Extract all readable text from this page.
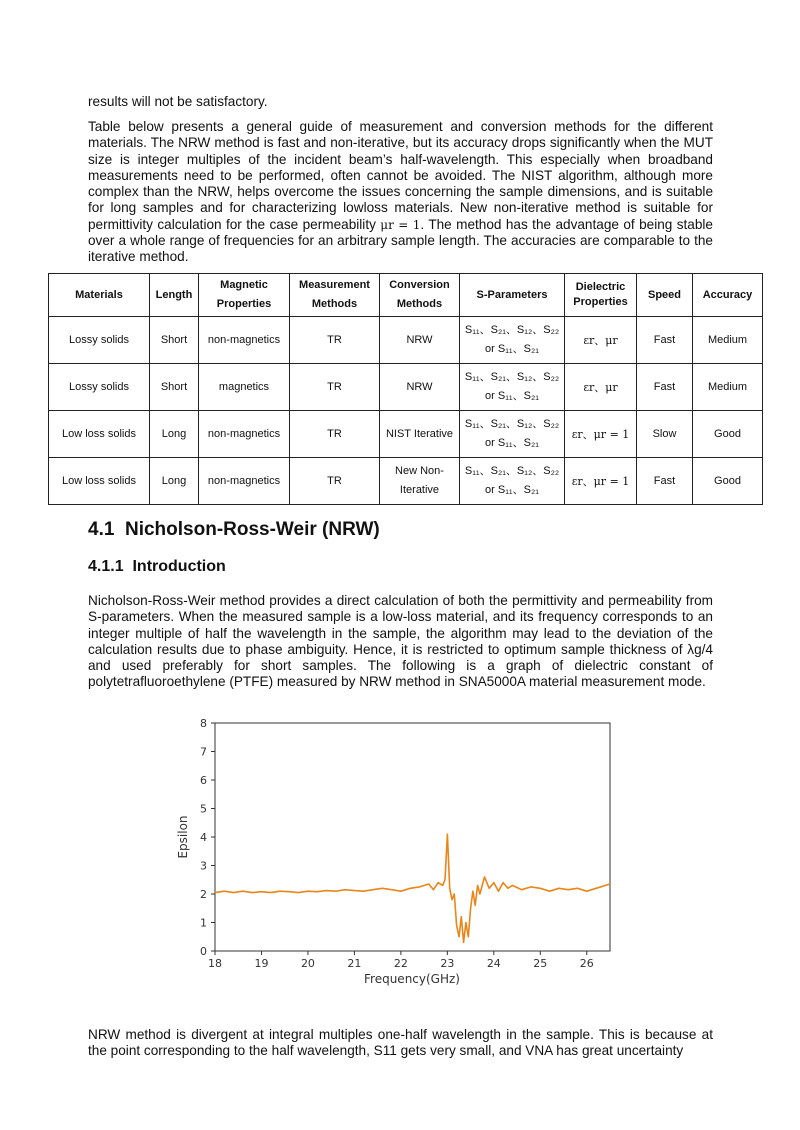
results will not be satisfactory.

Table below presents a general guide of measurement and conversion methods for the different materials. The NRW method is fast and non-iterative, but its accuracy drops significantly when the MUT size is integer multiples of the incident beam’s half-wavelength. This especially when broadband measurements need to be performed, often cannot be avoided. The NIST algorithm, although more complex than the NRW, helps overcome the issues concerning the sample dimensions, and is suitable for long samples and for characterizing lowloss materials. New non-iterative method is suitable for permittivity calculation for the case permeability μr = 1. The method has the advantage of being stable over a whole range of frequencies for an arbitrary sample length. The accuracies are comparable to the iterative method.

Materials	Length	Magnetic Properties	Measurement Methods	Conversion Methods	S-Parameters	Dielectric Properties	Speed	Accuracy
Lossy solids	Short	non-magnetics	TR	NRW	S₁₁、S₂₁、S₁₂、S₂₂
or S₁₁、S₂₁	εr、μr	Fast	Medium
Lossy solids	Short	magnetics	TR	NRW	S₁₁、S₂₁、S₁₂、S₂₂
or S₁₁、S₂₁	εr、μr	Fast	Medium
Low loss solids	Long	non-magnetics	TR	NIST Iterative	S₁₁、S₂₁、S₁₂、S₂₂
or S₁₁、S₂₁	εr、μr = 1	Slow	Good
Low loss solids	Long	non-magnetics	TR	New Non-Iterative	S₁₁、S₂₁、S₁₂、S₂₂
or S₁₁、S₂₁	εr、μr = 1	Fast	Good
4.1 Nicholson-Ross-Weir (NRW)
4.1.1 Introduction

Nicholson-Ross-Weir method provides a direct calculation of both the permittivity and permeability from S-parameters. When the measured sample is a low-loss material, and its frequency corresponds to an integer multiple of half the wavelength in the sample, the algorithm may lead to the deviation of the calculation results due to phase ambiguity. Hence, it is restricted to optimum sample thickness of λg/4 and used preferably for short samples. The following is a graph of dielectric constant of polytetrafluoroethylene (PTFE) measured by NRW method in SNA5000A material measurement mode.

18	19	20	21	22	23	24	25	26
0
1
2
3
4
5
6
7
8
Frequency(GHz)
Epsilon

NRW method is divergent at integral multiples one-half wavelength in the sample. This is because at the point corresponding to the half wavelength, S11 gets very small, and VNA has great uncertainty
